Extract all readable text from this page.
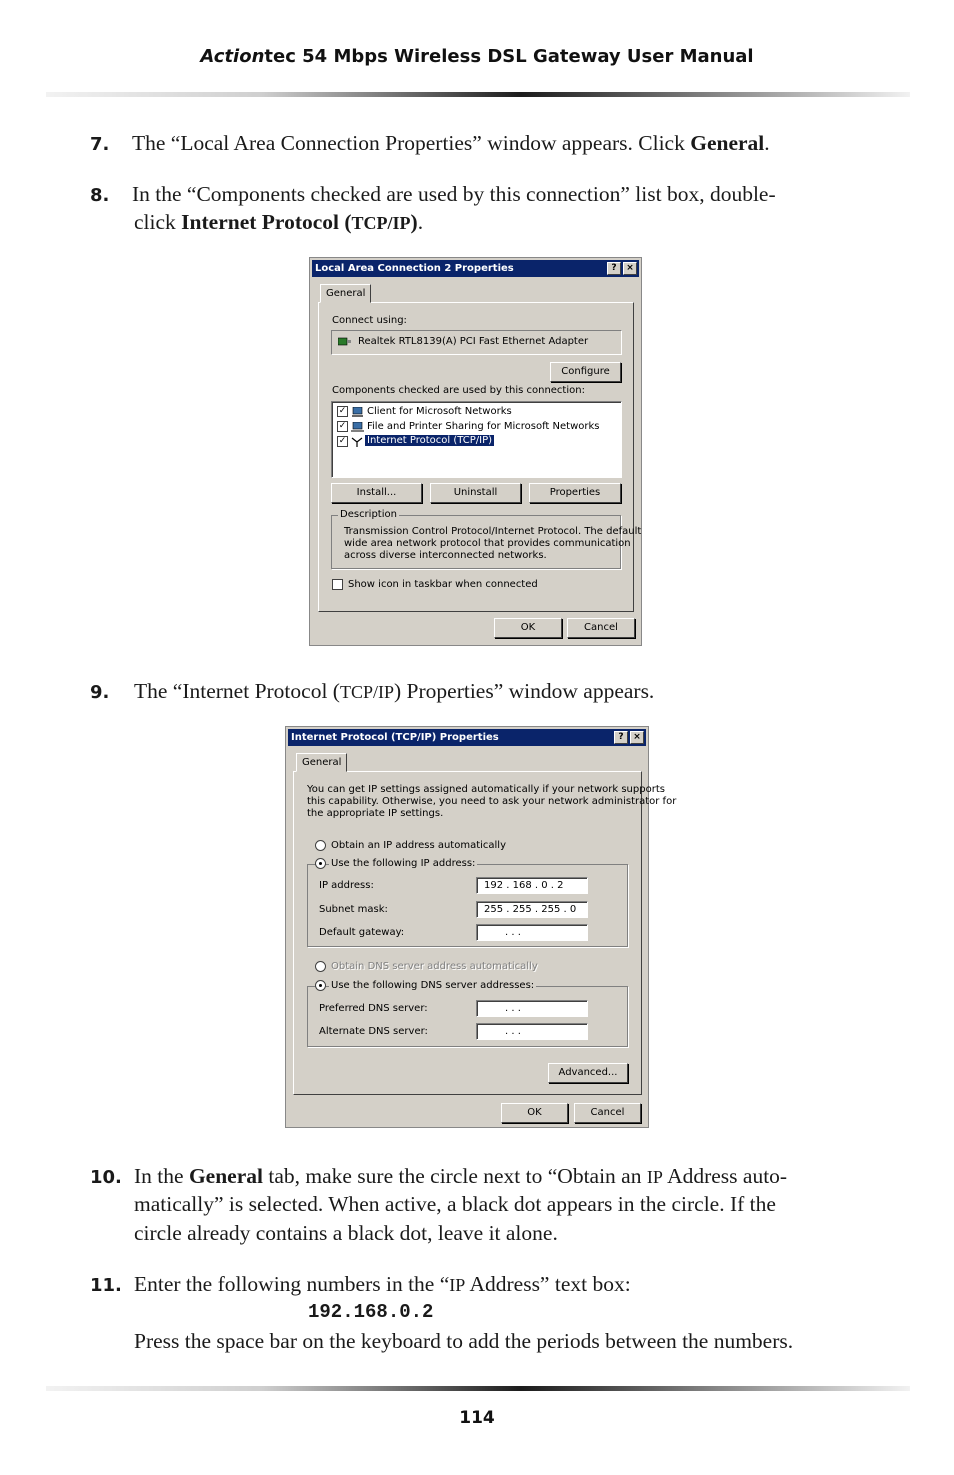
Actiontec 54 Mbps Wireless DSL Gateway User Manual
7. The “Local Area Connection Properties” window appears. Click General.
8. In the “Components checked are used by this connection” list box, double-
click Internet Protocol (TCP/IP).
Local Area Connection 2 Properties	?	×
General
Connect using:
Realtek RTL8139(A) PCI Fast Ethernet Adapter
Configure
Components checked are used by this connection:
✓ Client for Microsoft Networks
✓ File and Printer Sharing for Microsoft Networks
✓ Internet Protocol (TCP/IP)
Install...	Uninstall	Properties
Description
Transmission Control Protocol/Internet Protocol. The default
wide area network protocol that provides communication
across diverse interconnected networks.
Show icon in taskbar when connected
OK	Cancel
9. The “Internet Protocol (TCP/IP) Properties” window appears.
Internet Protocol (TCP/IP) Properties	?	×
General
You can get IP settings assigned automatically if your network supports
this capability. Otherwise, you need to ask your network administrator for
the appropriate IP settings.
Obtain an IP address automatically
Use the following IP address:
IP address:	192 . 168 . 0 . 2
Subnet mask:	255 . 255 . 255 . 0
Default gateway:	. . .
Obtain DNS server address automatically
Use the following DNS server addresses:
Preferred DNS server:	. . .
Alternate DNS server:	. . .
Advanced...
OK	Cancel
10. In the General tab, make sure the circle next to “Obtain an IP Address auto-
matically” is selected. When active, a black dot appears in the circle. If the
circle already contains a black dot, leave it alone.
11. Enter the following numbers in the “IP Address” text box:
192.168.0.2
Press the space bar on the keyboard to add the periods between the numbers.
114
